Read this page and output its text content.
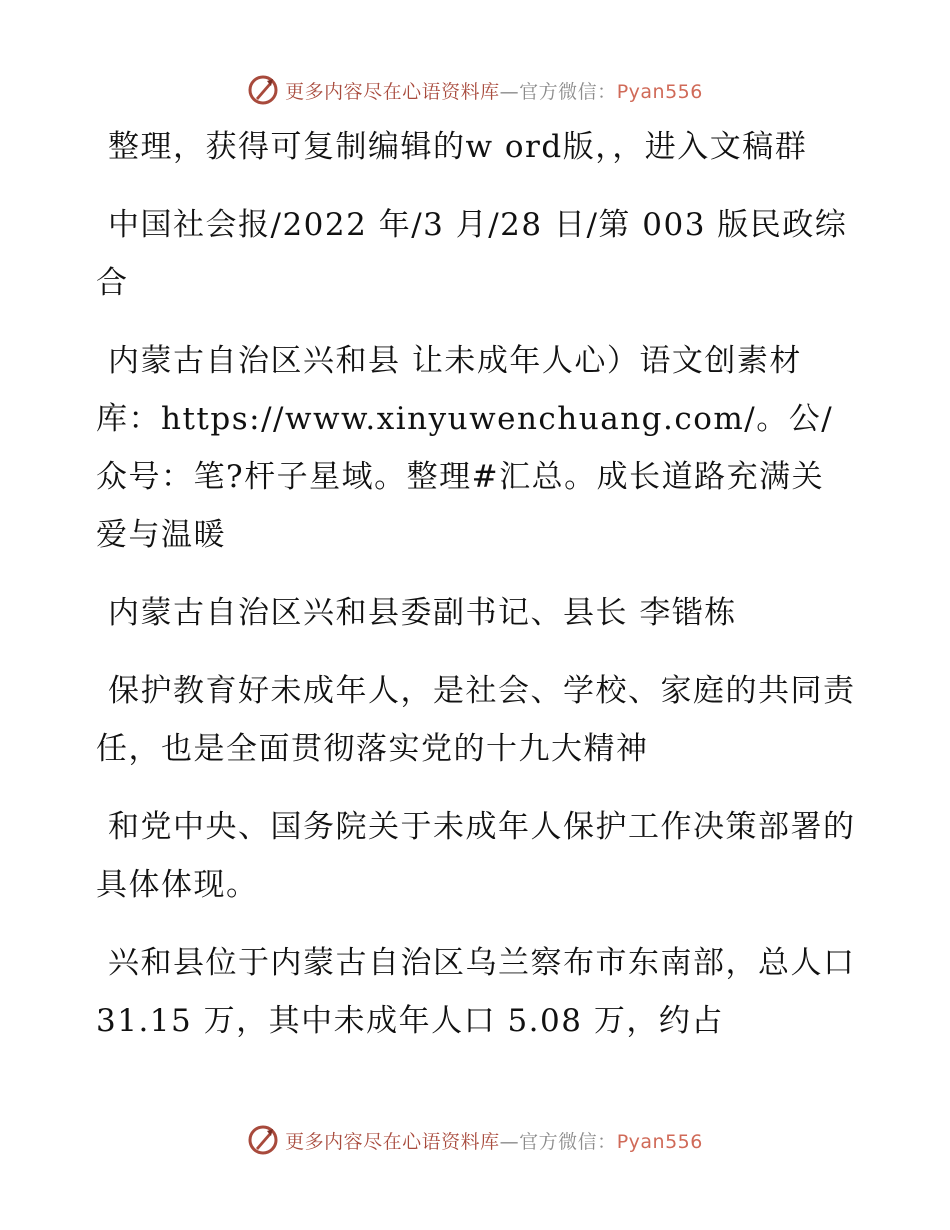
更多内容尽在心语资料库—官方微信：Pyan556

整理，获得可复制编辑的w ord版，，进入文稿群

中国社会报/2022 年/3 月/28 日/第 003 版民政综合

内蒙古自治区兴和县 让未成年人心）语文创素材库：https://www.xinyuwenchuang.com/。公/众号：笔?杆子星域。整理#汇总。成长道路充满关爱与温暖

内蒙古自治区兴和县委副书记、县长 李锴栋

保护教育好未成年人，是社会、学校、家庭的共同责任，也是全面贯彻落实党的十九大精神

和党中央、国务院关于未成年人保护工作决策部署的具体体现。

兴和县位于内蒙古自治区乌兰察布市东南部，总人口 31.15 万，其中未成年人口 5.08 万，约占

更多内容尽在心语资料库—官方微信：Pyan556
